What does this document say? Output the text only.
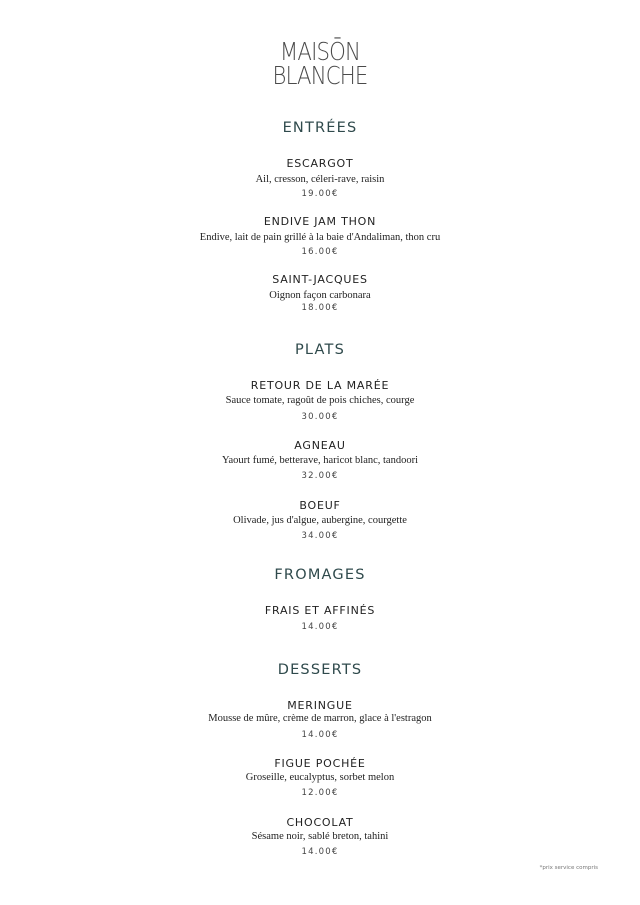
MAISŌN
BLANCHE
ENTRÉES
ESCARGOT
Ail, cresson, céleri-rave, raisin
19.00€
ENDIVE JAM THON
Endive, lait de pain grillé à la baie d'Andaliman, thon cru
16.00€
SAINT-JACQUES
Oignon façon carbonara
18.00€
PLATS
RETOUR DE LA MARÉE
Sauce tomate, ragoût de pois chiches, courge
30.00€
AGNEAU
Yaourt fumé, betterave, haricot blanc, tandoori
32.00€
BOEUF
Olivade, jus d'algue, aubergine, courgette
34.00€
FROMAGES
FRAIS ET AFFINÉS
14.00€
DESSERTS
MERINGUE
Mousse de mûre, crème de marron, glace à l'estragon
14.00€
FIGUE POCHÉE
Groseille, eucalyptus, sorbet melon
12.00€
CHOCOLAT
Sésame noir, sablé breton, tahini
14.00€
*prix service compris
